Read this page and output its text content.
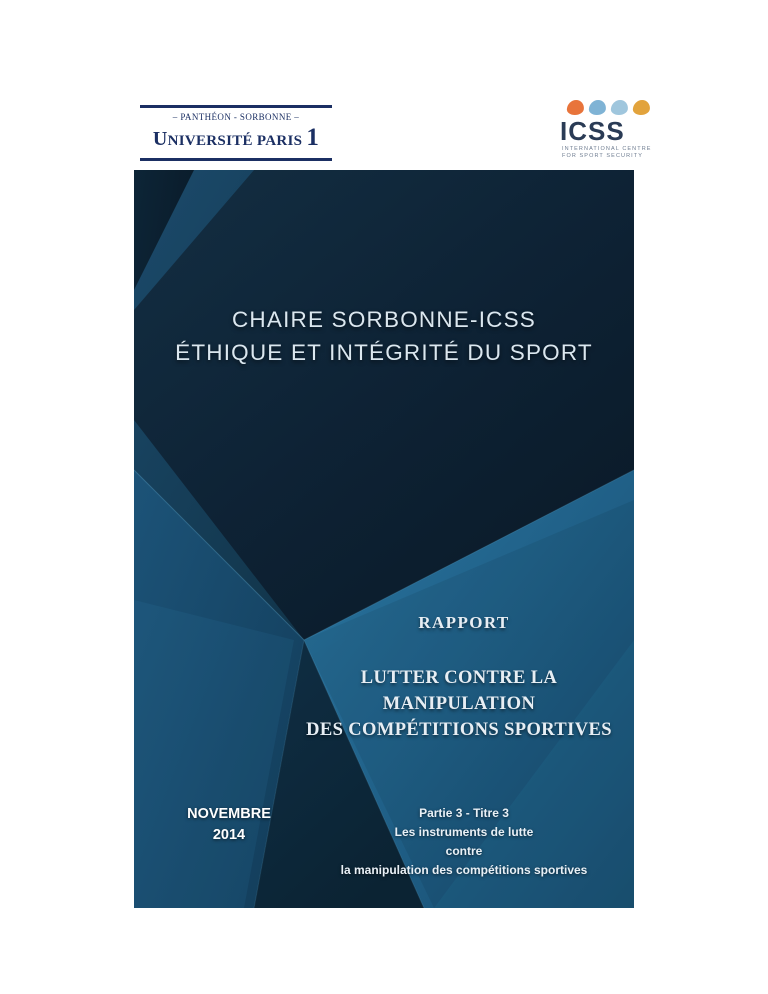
– PANTHÉON - SORBONNE –
UNIVERSITÉ PARIS 1	ICSS
INTERNATIONAL CENTRE
FOR SPORT SECURITY
CHAIRE SORBONNE-ICSS
ÉTHIQUE ET INTÉGRITÉ DU SPORT
RAPPORT
LUTTER CONTRE LA MANIPULATION
DES COMPÉTITIONS SPORTIVES
NOVEMBRE
2014
Partie 3 - Titre 3
Les instruments de lutte
contre
la manipulation des compétitions sportives
